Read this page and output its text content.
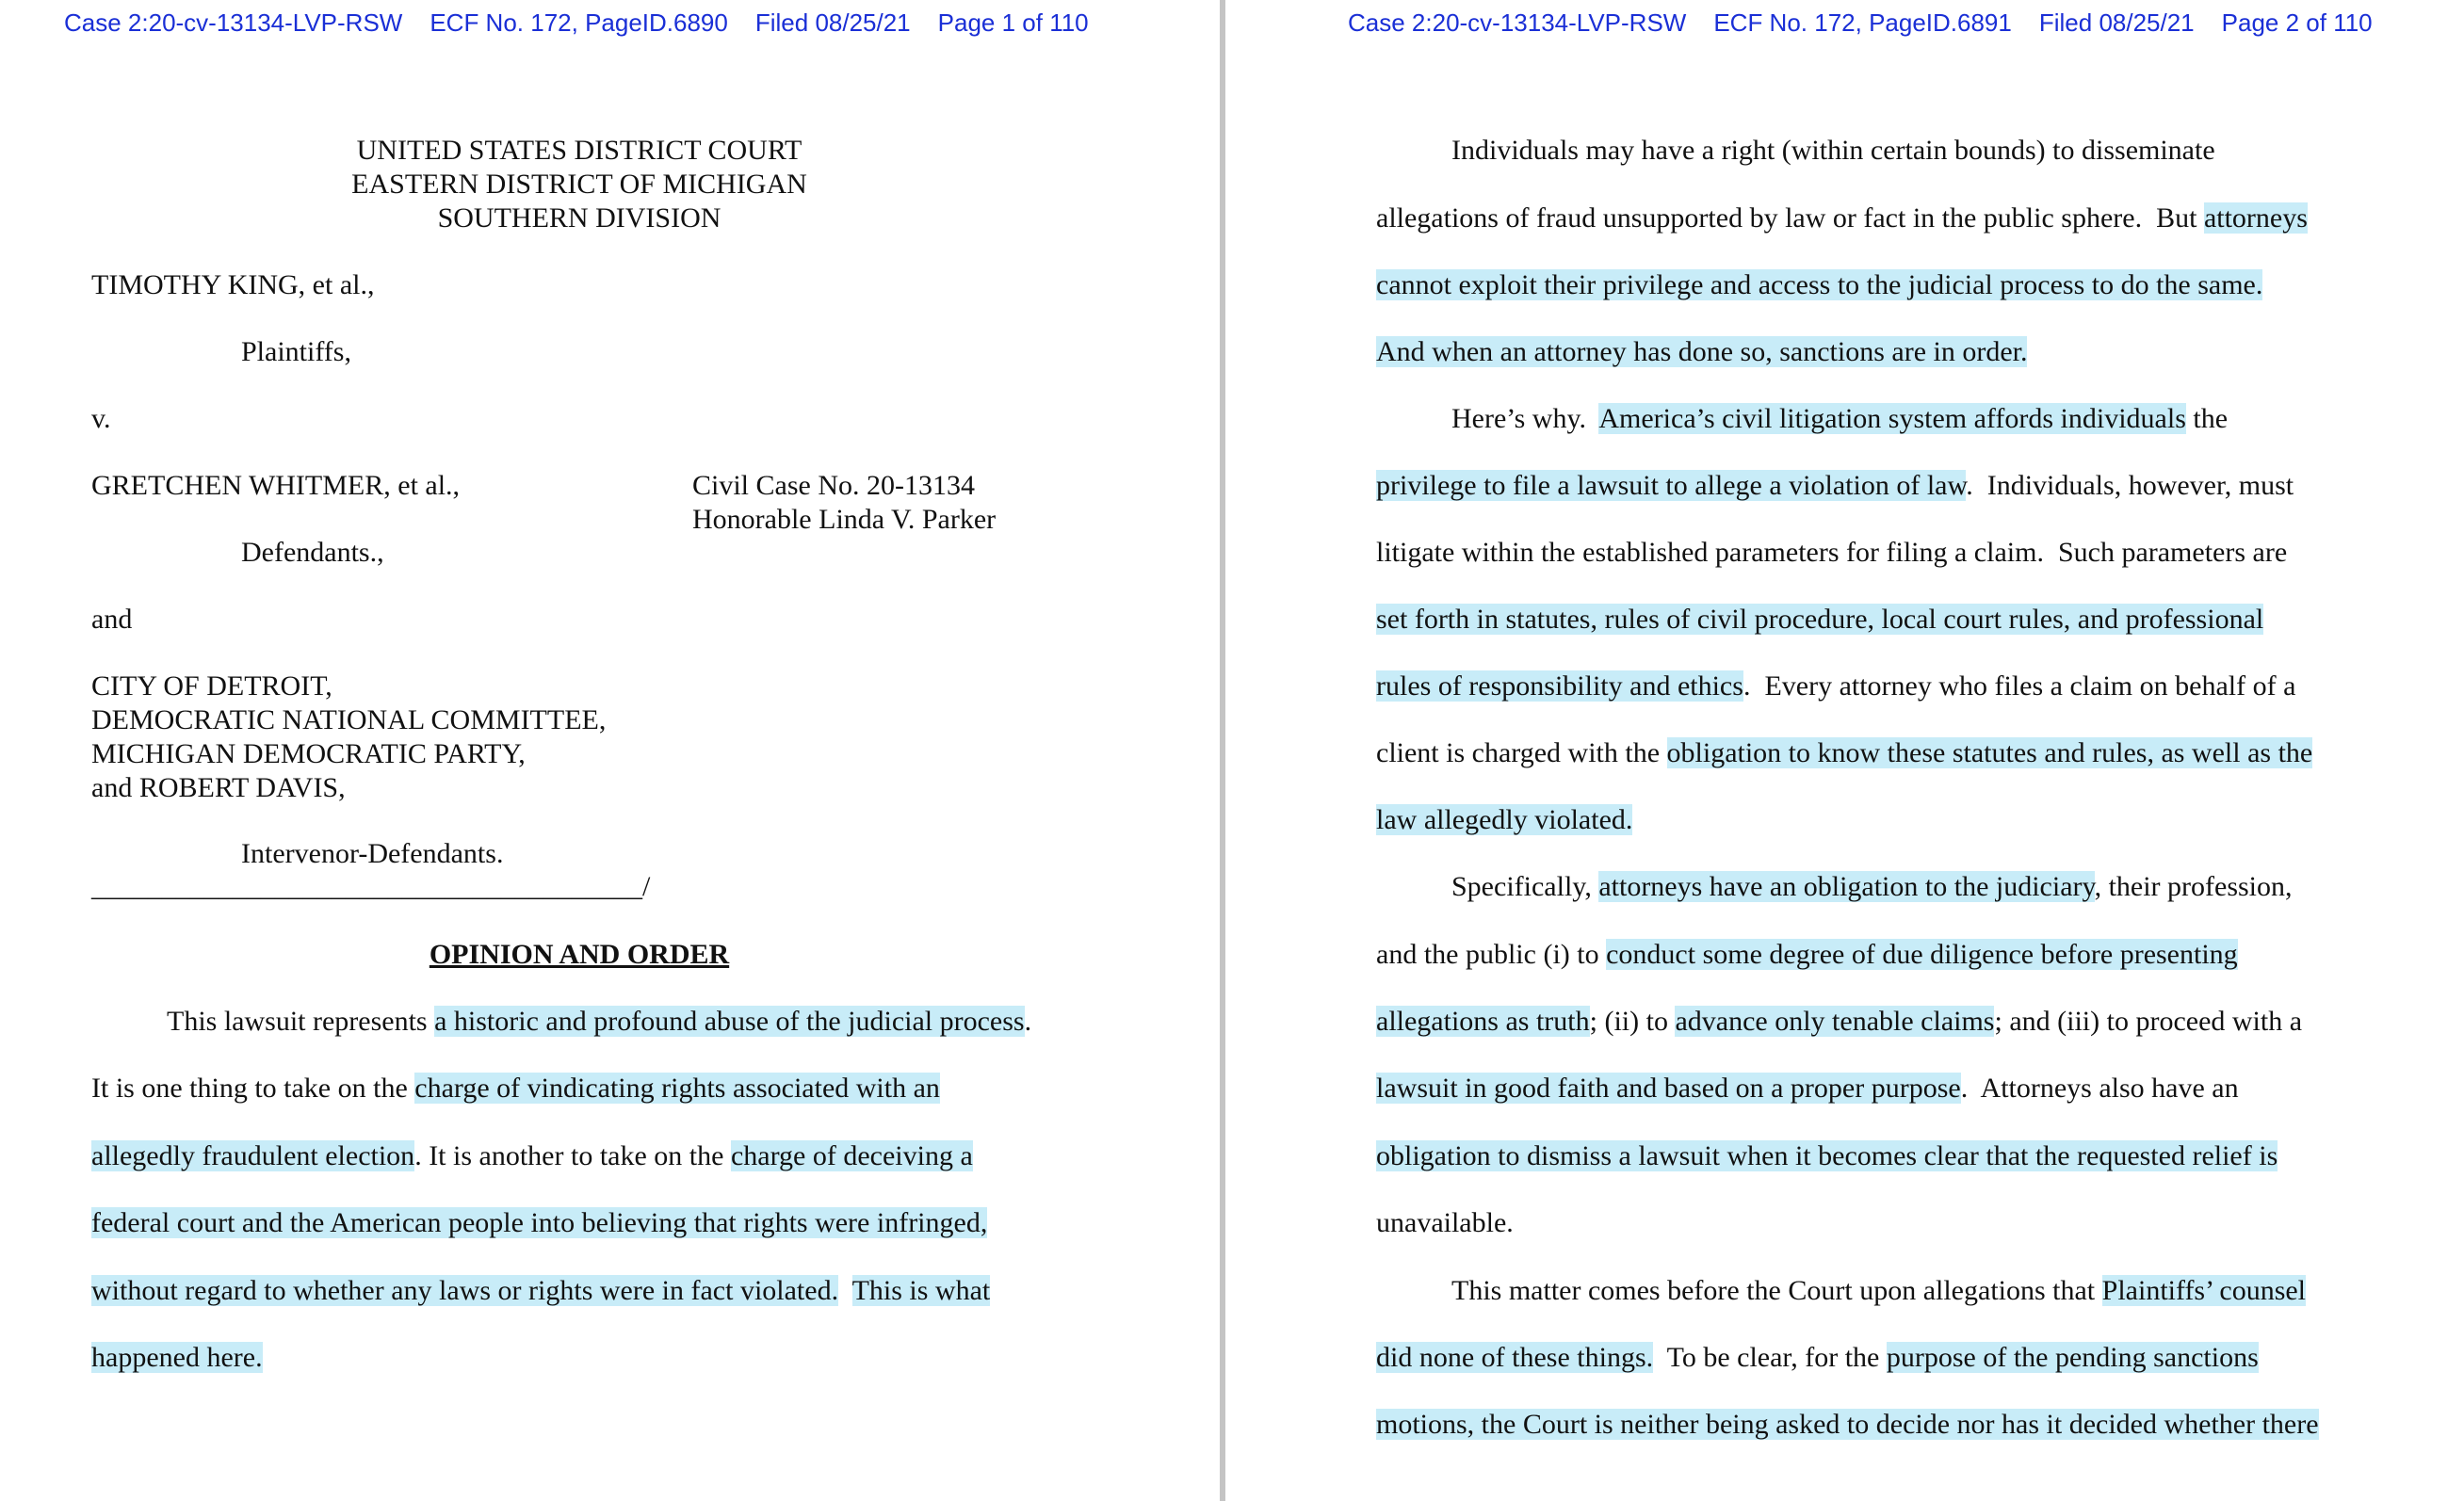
Case 2:20-cv-13134-LVP-RSW ECF No. 172, PageID.6890 Filed 08/25/21 Page 1 of 110
UNITED STATES DISTRICT COURT
EASTERN DISTRICT OF MICHIGAN
SOUTHERN DIVISION
TIMOTHY KING, et al.,
Plaintiffs,
v.
GRETCHEN WHITMER, et al.,	Civil Case No. 20-13134
Honorable Linda V. Parker
Defendants.,
and
CITY OF DETROIT,
DEMOCRATIC NATIONAL COMMITTEE,
MICHIGAN DEMOCRATIC PARTY,
and ROBERT DAVIS,
Intervenor-Defendants.
_______________________________________/
OPINION AND ORDER
This lawsuit represents a historic and profound abuse of the judicial process.
It is one thing to take on the charge of vindicating rights associated with an
allegedly fraudulent election. It is another to take on the charge of deceiving a
federal court and the American people into believing that rights were infringed,
without regard to whether any laws or rights were in fact violated. This is what
happened here.
Case 2:20-cv-13134-LVP-RSW ECF No. 172, PageID.6891 Filed 08/25/21 Page 2 of 110
Individuals may have a right (within certain bounds) to disseminate
allegations of fraud unsupported by law or fact in the public sphere.  But attorneys
cannot exploit their privilege and access to the judicial process to do the same.
And when an attorney has done so, sanctions are in order.
Here’s why.  America’s civil litigation system affords individuals the
privilege to file a lawsuit to allege a violation of law.  Individuals, however, must
litigate within the established parameters for filing a claim.  Such parameters are
set forth in statutes, rules of civil procedure, local court rules, and professional
rules of responsibility and ethics.  Every attorney who files a claim on behalf of a
client is charged with the obligation to know these statutes and rules, as well as the
law allegedly violated.
Specifically, attorneys have an obligation to the judiciary, their profession,
and the public (i) to conduct some degree of due diligence before presenting
allegations as truth; (ii) to advance only tenable claims; and (iii) to proceed with a
lawsuit in good faith and based on a proper purpose.  Attorneys also have an
obligation to dismiss a lawsuit when it becomes clear that the requested relief is
unavailable.
This matter comes before the Court upon allegations that Plaintiffs’ counsel
did none of these things.  To be clear, for the purpose of the pending sanctions
motions, the Court is neither being asked to decide nor has it decided whether there
